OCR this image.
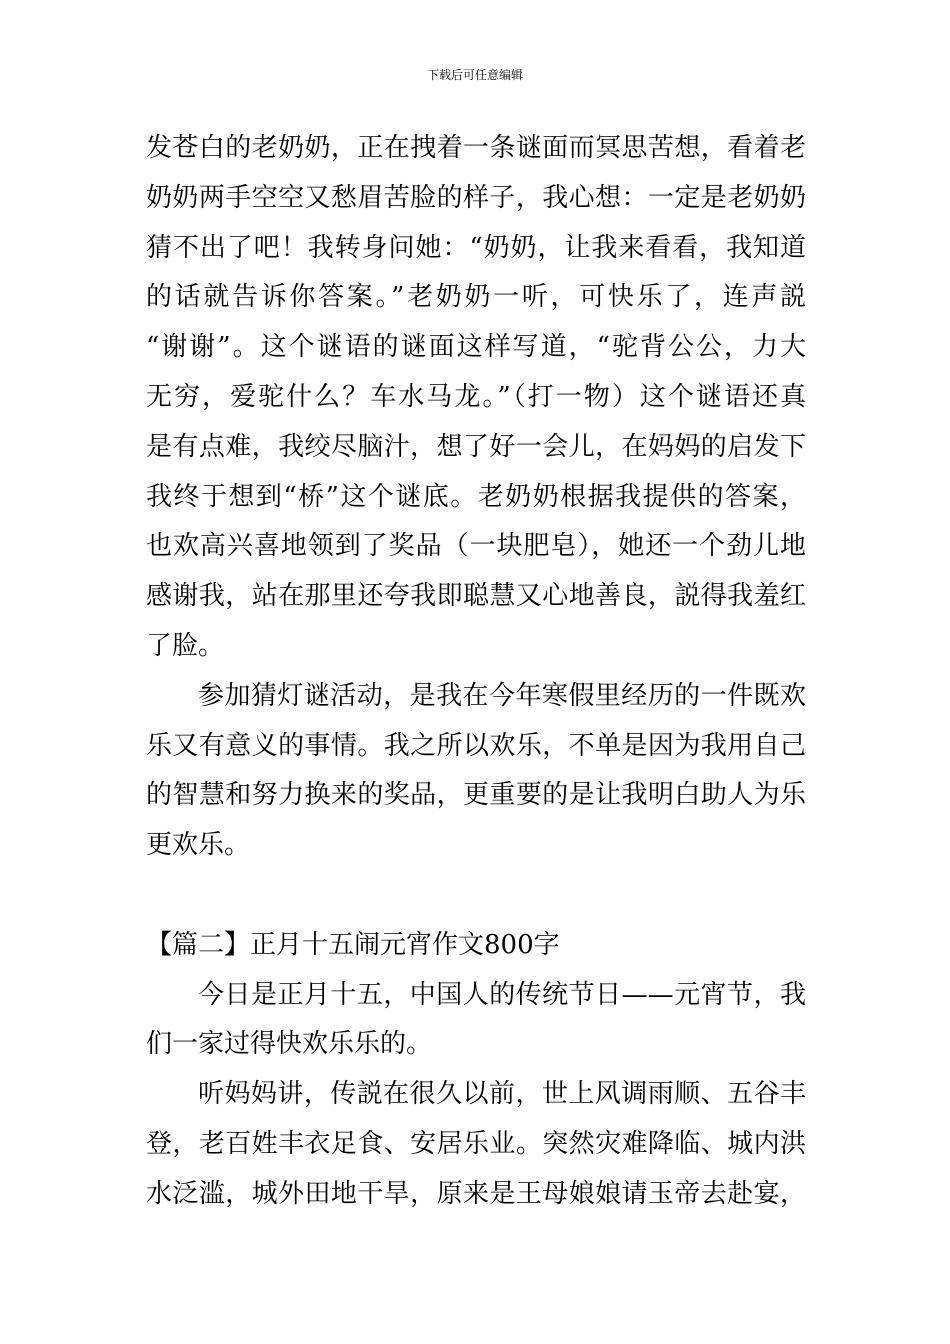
下载后可任意编辑
发苍白的老奶奶，正在拽着一条谜面而冥思苦想，看着老
奶奶两手空空又愁眉苦脸的样子，我心想：一定是老奶奶
猜不出了吧！我转身问她：“奶奶，让我来看看，我知道
的话就告诉你答案。”老奶奶一听，可快乐了，连声説
“谢谢”。这个谜语的谜面这样写道，“驼背公公，力大
无穷，爱驼什么？车水马龙。”（打一物）这个谜语还真
是有点难，我绞尽脑汁，想了好一会儿，在妈妈的启发下
我终于想到“桥”这个谜底。老奶奶根据我提供的答案，
也欢高兴喜地领到了奖品（一块肥皂），她还一个劲儿地
感谢我，站在那里还夸我即聪慧又心地善良，説得我羞红
了脸。
参加猜灯谜活动，是我在今年寒假里经历的一件既欢
乐又有意义的事情。我之所以欢乐，不单是因为我用自己
的智慧和努力换来的奖品，更重要的是让我明白助人为乐
更欢乐。
【篇二】正月十五闹元宵作文800字
今日是正月十五，中国人的传统节日——元宵节，我
们一家过得快欢乐乐的。
听妈妈讲，传説在很久以前，世上风调雨顺、五谷丰
登，老百姓丰衣足食、安居乐业。突然灾难降临、城内洪
水泛滥，城外田地干旱，原来是王母娘娘请玉帝去赴宴，
